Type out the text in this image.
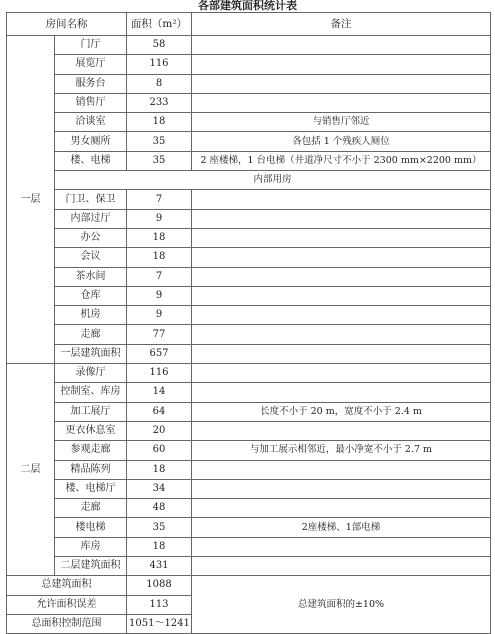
各部建筑面积统计表
房间名称		面积（m²）	备注
一层	门厅	58	
	展览厅	116	
	服务台	8	
	销售厅	233	
	洽谈室	18	与销售厅邻近
	男女厕所	35	各包括 1 个残疾人厕位
	楼、电梯	35	2 座楼梯，1 台电梯（井道净尺寸不小于 2300 mm×2200 mm）
	内部用房		
	门卫、保卫	7	
	内部过厅	9	
	办公	18	
	会议	18	
	茶水间	7	
	仓库	9	
	机房	9	
	走廊	77	
	一层建筑面积	657	
二层	录像厅	116	
	控制室、库房	14	
	加工展厅	64	长度不小于 20 m，宽度不小于 2.4 m
	更衣休息室	20	
	参观走廊	60	与加工展示相邻近，最小净宽不小于 2.7 m
	精品陈列	18	
	楼、电梯厅	34	
	走廊	48	
	楼电梯	35	2座楼梯、1部电梯
	库房	18	
	二层建筑面积	431	
总建筑面积		1088	总建筑面积的±10%
允许面积误差		113	
总面积控制范围		1051～1241	
